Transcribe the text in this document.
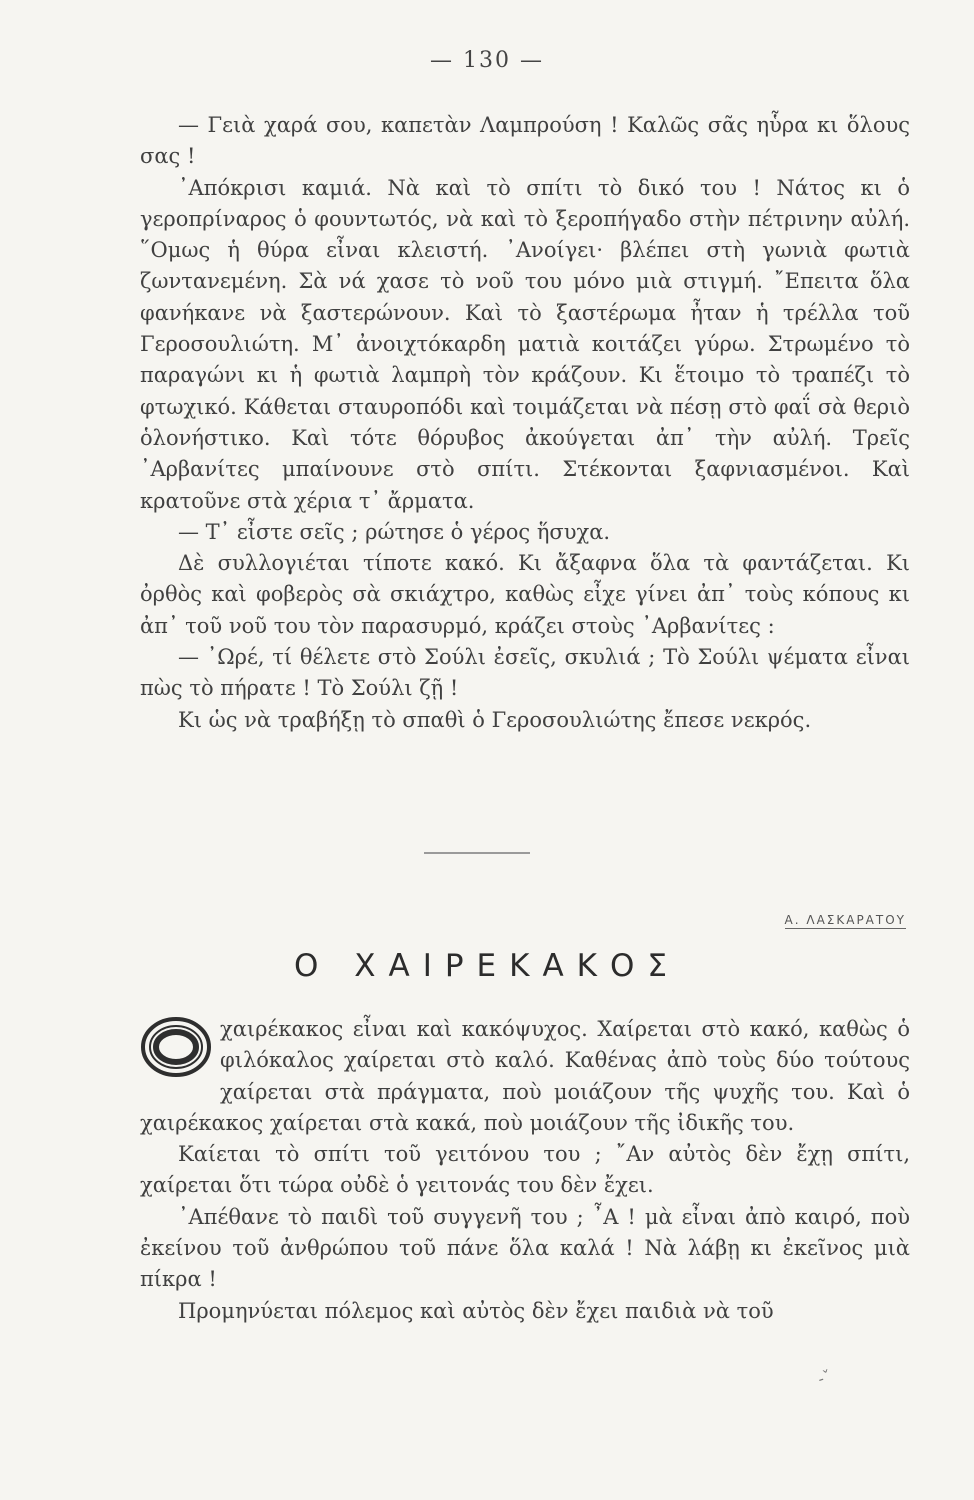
— 130 —

— Γειὰ χαρά σου, καπετὰν Λαμπρούση ! Καλῶς σᾶς ηὗρα κι ὅλους σας !

᾿Απόκρισι καμιά. Νὰ καὶ τὸ σπίτι τὸ δικό του ! Νάτος κι ὁ γεροπρίναρος ὁ φουντωτός, νὰ καὶ τὸ ξεροπήγαδο στὴν πέτρινην αὐλή. ῞Ομως ἡ θύρα εἶναι κλειστή. ᾿Ανοίγει· βλέπει στὴ γωνιὰ φωτιὰ ζωντανεμένη. Σὰ νά χασε τὸ νοῦ του μόνο μιὰ στιγμή. ῎Επειτα ὅλα φανήκανε νὰ ξαστερώνουν. Καὶ τὸ ξαστέρωμα ἦταν ἡ τρέλλα τοῦ Γεροσουλιώτη. Μ᾿ ἀνοιχτόκαρδη ματιὰ κοιτάζει γύρω. Στρωμένο τὸ παραγώνι κι ἡ φωτιὰ λαμπρὴ τὸν κράζουν. Κι ἕτοιμο τὸ τραπέζι τὸ φτωχικό. Κάθεται σταυροπόδι καὶ τοιμάζεται νὰ πέσῃ στὸ φαΐ σὰ θεριὸ ὁλονήστικο. Καὶ τότε θόρυβος ἀκούγεται ἀπ᾿ τὴν αὐλή. Τρεῖς ᾿Αρβανίτες μπαίνουνε στὸ σπίτι. Στέκονται ξαφνιασμένοι. Καὶ κρατοῦνε στὰ χέρια τ᾿ ἄρματα.

— Τ᾿ εἶστε σεῖς ; ρώτησε ὁ γέρος ἥσυχα.

Δὲ συλλογιέται τίποτε κακό. Κι ἄξαφνα ὅλα τὰ φαντάζεται. Κι ὀρθὸς καὶ φοβερὸς σὰ σκιάχτρο, καθὼς εἶχε γίνει ἀπ᾿ τοὺς κόπους κι ἀπ᾿ τοῦ νοῦ του τὸν παρασυρμό, κράζει στοὺς ᾿Αρβανίτες :

— ᾿Ωρέ, τί θέλετε στὸ Σούλι ἐσεῖς, σκυλιά ; Τὸ Σούλι ψέματα εἶναι πὼς τὸ πήρατε ! Τὸ Σούλι ζῇ !

Κι ὡς νὰ τραβήξῃ τὸ σπαθὶ ὁ Γεροσουλιώτης ἔπεσε νεκρός.

Α. ΛΑΣΚΑΡΑΤΟΥ
Ο ΧΑΙΡΕΚΑΚΟΣ

χαιρέκακος εἶναι καὶ κακόψυχος. Χαίρεται στὸ κακό, καθὼς ὁ φιλόκαλος χαίρεται στὸ καλό. Καθένας ἀπὸ τοὺς δύο τούτους χαίρεται στὰ πράγματα, ποὺ μοιάζουν τῆς ψυχῆς του. Καὶ ὁ χαιρέκακος χαίρεται στὰ κακά, ποὺ μοιάζουν τῆς ἰδικῆς του.

Καίεται τὸ σπίτι τοῦ γειτόνου του ; ῎Αν αὐτὸς δὲν ἔχῃ σπίτι, χαίρεται ὅτι τώρα οὐδὲ ὁ γειτονάς του δὲν ἔχει.

᾿Απέθανε τὸ παιδὶ τοῦ συγγενῆ του ; ῏Α ! μὰ εἶναι ἀπὸ καιρό, ποὺ ἐκείνου τοῦ ἀνθρώπου τοῦ πάνε ὅλα καλά ! Νὰ λάβῃ κι ἐκεῖνος μιὰ πίκρα !

Προμηνύεται πόλεμος καὶ αὐτὸς δὲν ἔχει παιδιὰ νὰ τοῦ

-ˇ
